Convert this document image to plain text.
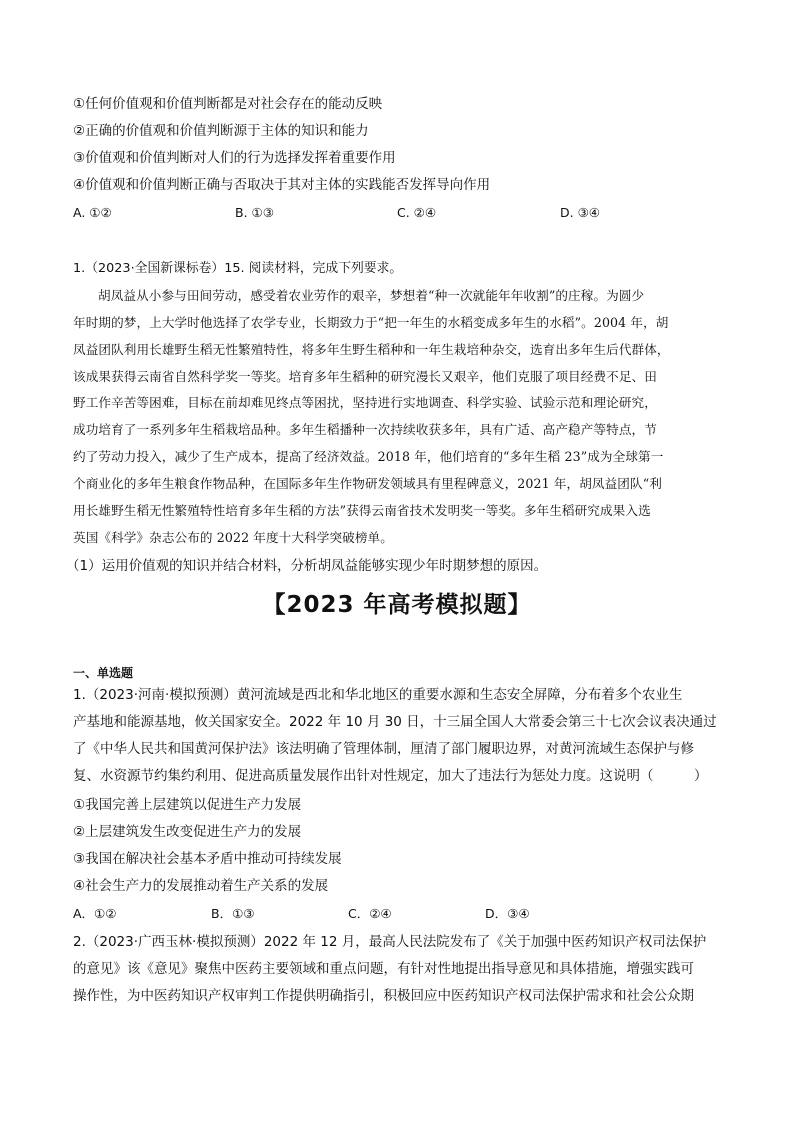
①任何价值观和价值判断都是对社会存在的能动反映
②正确的价值观和价值判断源于主体的知识和能力
③价值观和价值判断对人们的行为选择发挥着重要作用
④价值观和价值判断正确与否取决于其对主体的实践能否发挥导向作用
A. ①②	B. ①③	C. ②④	D. ③④
1.（2023·全国新课标卷）15. 阅读材料，完成下列要求。
胡凤益从小参与田间劳动，感受着农业劳作的艰辛，梦想着“种一次就能年年收割”的庄稼。为圆少
年时期的梦，上大学时他选择了农学专业，长期致力于“把一年生的水稻变成多年生的水稻”。2004 年，胡
凤益团队利用长雄野生稻无性繁殖特性，将多年生野生稻种和一年生栽培种杂交，选育出多年生后代群体，
该成果获得云南省自然科学奖一等奖。培育多年生稻种的研究漫长又艰辛，他们克服了项目经费不足、田
野工作辛苦等困难，目标在前却难见终点等困扰，坚持进行实地调查、科学实验、试验示范和理论研究，
成功培育了一系列多年生稻栽培品种。多年生稻播种一次持续收获多年，具有广适、高产稳产等特点，节
约了劳动力投入，减少了生产成本，提高了经济效益。2018 年，他们培育的“多年生稻 23”成为全球第一
个商业化的多年生粮食作物品种，在国际多年生作物研发领域具有里程碑意义，2021 年，胡凤益团队“利
用长雄野生稻无性繁殖特性培育多年生稻的方法”获得云南省技术发明奖一等奖。多年生稻研究成果入选
英国《科学》杂志公布的 2022 年度十大科学突破榜单。
（1）运用价值观的知识并结合材料，分析胡凤益能够实现少年时期梦想的原因。
【2023 年高考模拟题】
一、单选题
1.（2023·河南·模拟预测）黄河流域是西北和华北地区的重要水源和生态安全屏障，分布着多个农业生
产基地和能源基地，攸关国家安全。2022 年 10 月 30 日，十三届全国人大常委会第三十七次会议表决通过
了《中华人民共和国黄河保护法》该法明确了管理体制，厘清了部门履职边界，对黄河流域生态保护与修
复、水资源节约集约利用、促进高质量发展作出针对性规定，加大了违法行为惩处力度。这说明（　　　）
①我国完善上层建筑以促进生产力发展
②上层建筑发生改变促进生产力的发展
③我国在解决社会基本矛盾中推动可持续发展
④社会生产力的发展推动着生产关系的发展
A．①②	B．①③	C．②④	D．③④
2.（2023·广西玉林·模拟预测）2022 年 12 月，最高人民法院发布了《关于加强中医药知识产权司法保护
的意见》该《意见》聚焦中医药主要领域和重点问题，有针对性地提出指导意见和具体措施，增强实践可
操作性，为中医药知识产权审判工作提供明确指引，积极回应中医药知识产权司法保护需求和社会公众期
